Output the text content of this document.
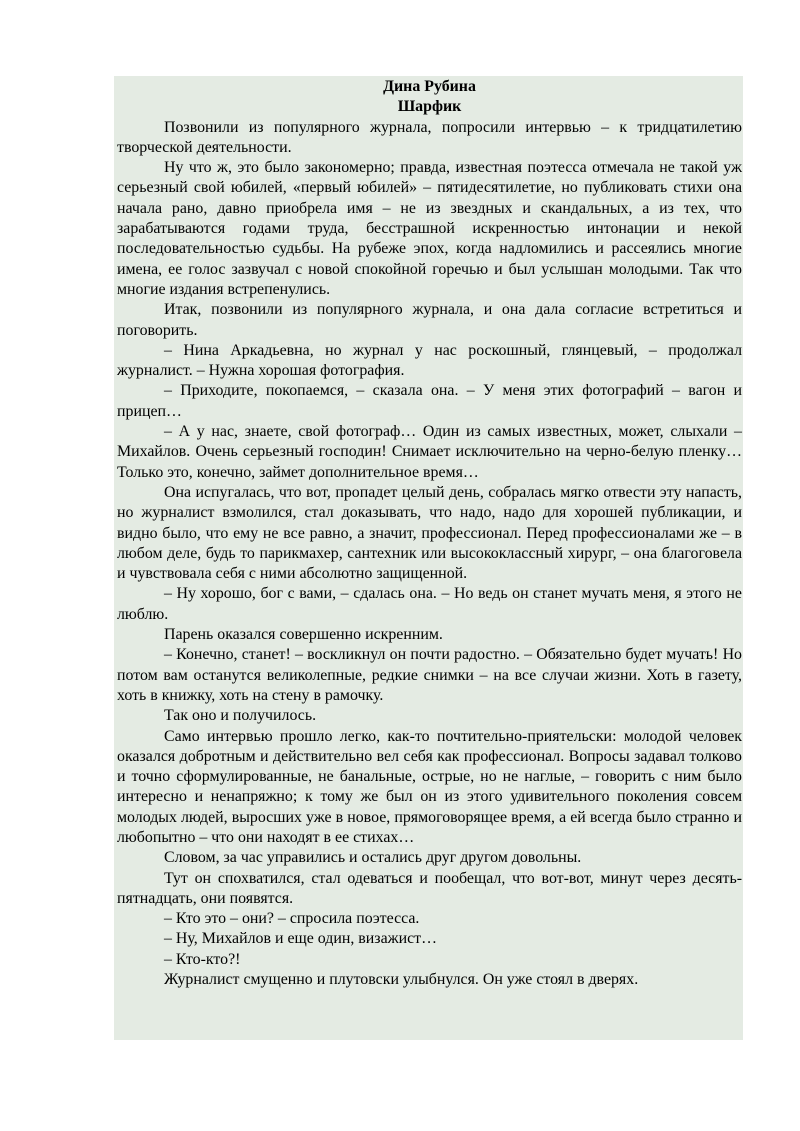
Дина Рубина

Шарфик

Позвонили из популярного журнала, попросили интервью – к тридцатилетию творческой деятельности.

Ну что ж, это было закономерно; правда, известная поэтесса отмечала не такой уж серьезный свой юбилей, «первый юбилей» – пятидесятилетие, но публиковать стихи она начала рано, давно приобрела имя – не из звездных и скандальных, а из тех, что зарабатываются годами труда, бесстрашной искренностью интонации и некой последовательностью судьбы. На рубеже эпох, когда надломились и рассеялись многие имена, ее голос зазвучал с новой спокойной горечью и был услышан молодыми. Так что многие издания встрепенулись.

Итак, позвонили из популярного журнала, и она дала согласие встретиться и поговорить.

– Нина Аркадьевна, но журнал у нас роскошный, глянцевый, – продолжал журналист. – Нужна хорошая фотография.

– Приходите, покопаемся, – сказала она. – У меня этих фотографий – вагон и прицеп…

– А у нас, знаете, свой фотограф… Один из самых известных, может, слыхали – Михайлов. Очень серьезный господин! Снимает исключительно на черно-белую пленку… Только это, конечно, займет дополнительное время…

Она испугалась, что вот, пропадет целый день, собралась мягко отвести эту напасть, но журналист взмолился, стал доказывать, что надо, надо для хорошей публикации, и видно было, что ему не все равно, а значит, профессионал. Перед профессионалами же – в любом деле, будь то парикмахер, сантехник или высококлассный хирург, – она благоговела и чувствовала себя с ними абсолютно защищенной.

– Ну хорошо, бог с вами, – сдалась она. – Но ведь он станет мучать меня, я этого не люблю.

Парень оказался совершенно искренним.

– Конечно, станет! – воскликнул он почти радостно. – Обязательно будет мучать! Но потом вам останутся великолепные, редкие снимки – на все случаи жизни. Хоть в газету, хоть в книжку, хоть на стену в рамочку.

Так оно и получилось.

Само интервью прошло легко, как-то почтительно-приятельски: молодой человек оказался добротным и действительно вел себя как профессионал. Вопросы задавал толково и точно сформулированные, не банальные, острые, но не наглые, – говорить с ним было интересно и ненапряжно; к тому же был он из этого удивительного поколения совсем молодых людей, выросших уже в новое, прямоговорящее время, а ей всегда было странно и любопытно – что они находят в ее стихах…

Словом, за час управились и остались друг другом довольны.

Тут он спохватился, стал одеваться и пообещал, что вот-вот, минут через десять-пятнадцать, они появятся.

– Кто это – они? – спросила поэтесса.

– Ну, Михайлов и еще один, визажист…

– Кто-кто?!

Журналист смущенно и плутовски улыбнулся. Он уже стоял в дверях.
